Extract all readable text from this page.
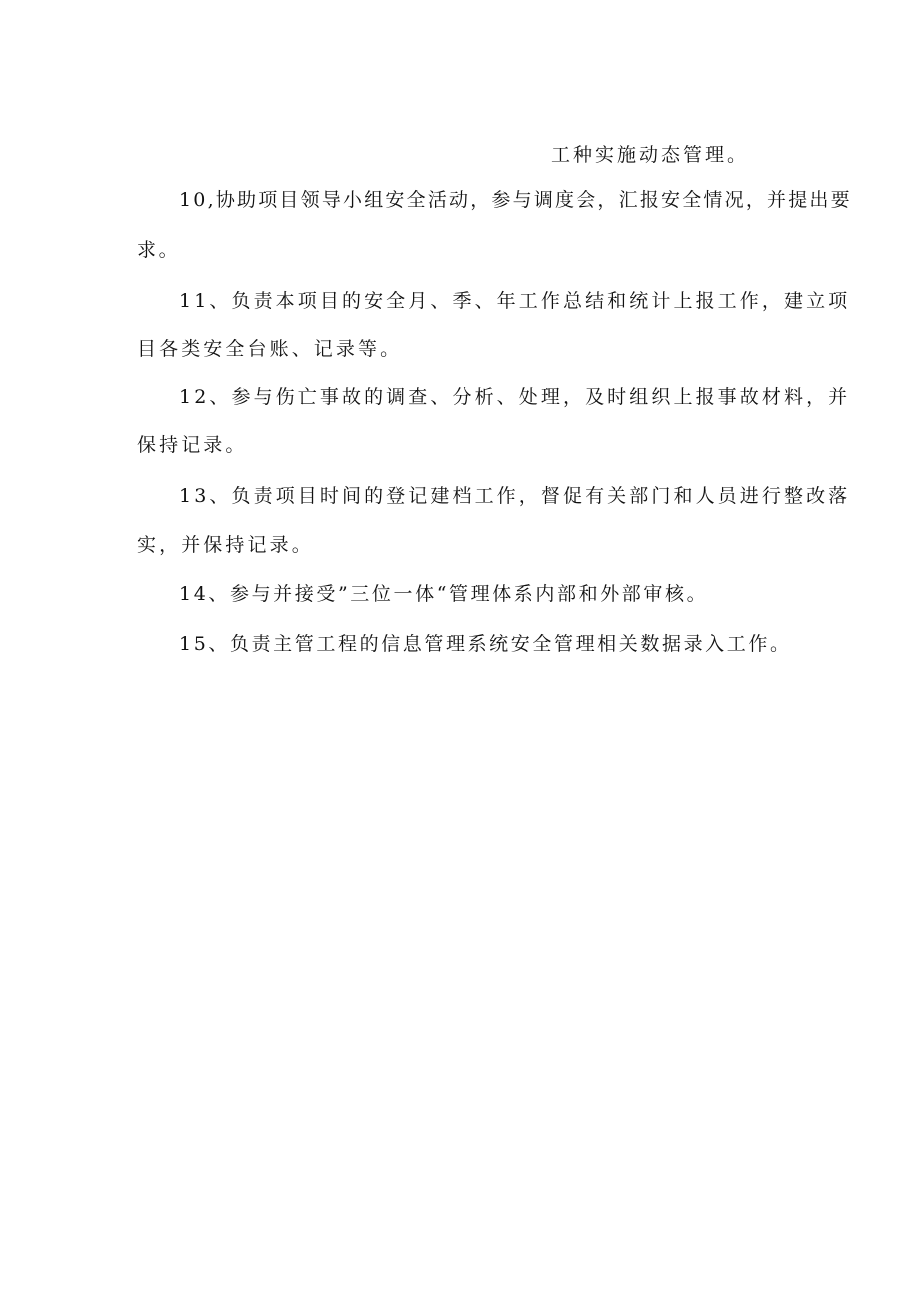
工种实施动态管理。
10,协助项目领导小组安全活动，参与调度会，汇报安全情况，并提出要
求。
11、负责本项目的安全月、季、年工作总结和统计上报工作，建立项
目各类安全台账、记录等。
12、参与伤亡事故的调查、分析、处理，及时组织上报事故材料，并
保持记录。
13、负责项目时间的登记建档工作，督促有关部门和人员进行整改落
实，并保持记录。
14、参与并接受”三位一体“管理体系内部和外部审核。
15、负责主管工程的信息管理系统安全管理相关数据录入工作。
